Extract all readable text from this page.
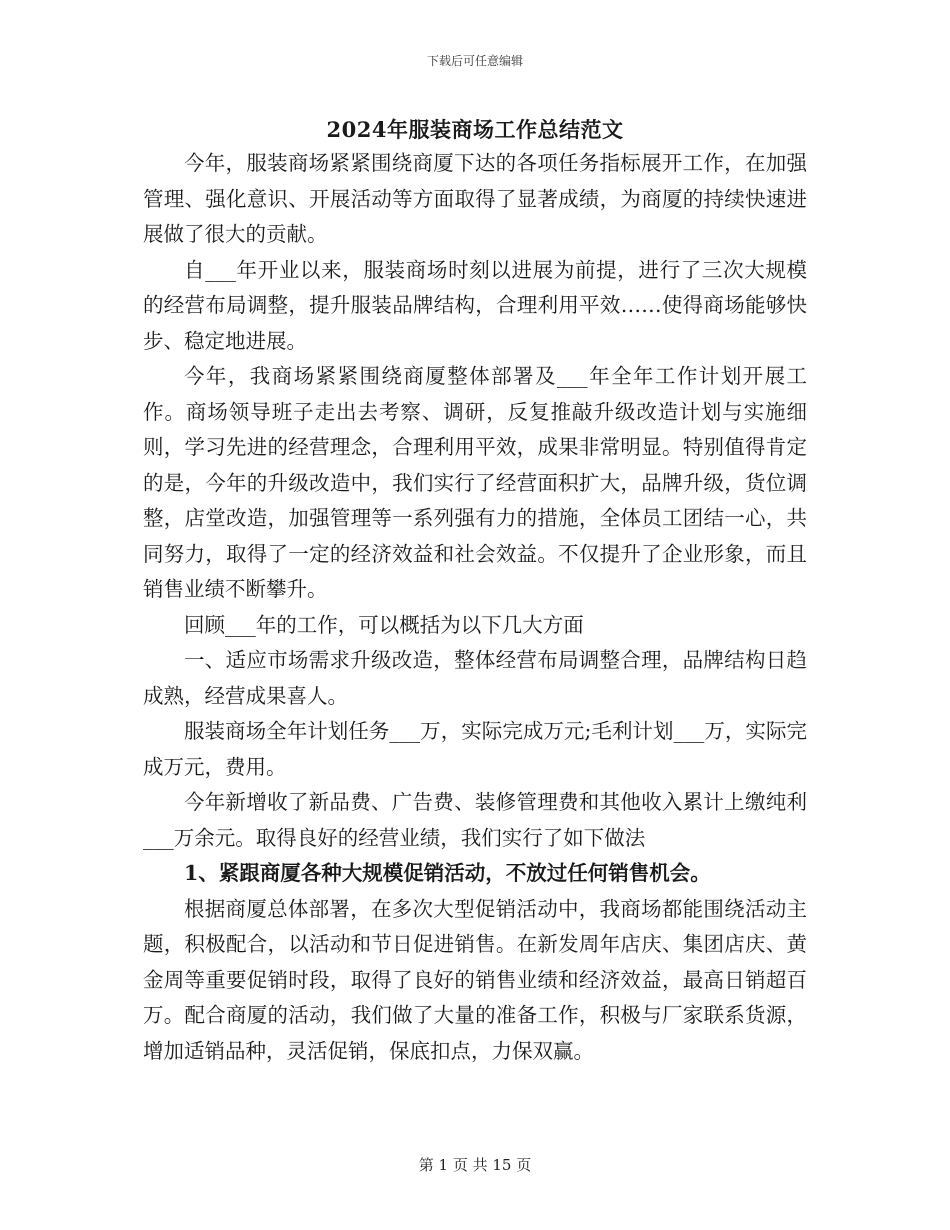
下载后可任意编辑
2024年服装商场工作总结范文

今年，服装商场紧紧围绕商厦下达的各项任务指标展开工作，在加强管理、强化意识、开展活动等方面取得了显著成绩，为商厦的持续快速进展做了很大的贡献。

自___年开业以来，服装商场时刻以进展为前提，进行了三次大规模的经营布局调整，提升服装品牌结构，合理利用平效……使得商场能够快步、稳定地进展。

今年，我商场紧紧围绕商厦整体部署及___年全年工作计划开展工作。商场领导班子走出去考察、调研，反复推敲升级改造计划与实施细则，学习先进的经营理念，合理利用平效，成果非常明显。特别值得肯定的是，今年的升级改造中，我们实行了经营面积扩大，品牌升级，货位调整，店堂改造，加强管理等一系列强有力的措施，全体员工团结一心，共同努力，取得了一定的经济效益和社会效益。不仅提升了企业形象，而且销售业绩不断攀升。

回顾___年的工作，可以概括为以下几大方面

一、适应市场需求升级改造，整体经营布局调整合理，品牌结构日趋成熟，经营成果喜人。

服装商场全年计划任务___万，实际完成万元;毛利计划___万，实际完成万元，费用。

今年新增收了新品费、广告费、装修管理费和其他收入累计上缴纯利___万余元。取得良好的经营业绩，我们实行了如下做法

1、紧跟商厦各种大规模促销活动，不放过任何销售机会。

根据商厦总体部署，在多次大型促销活动中，我商场都能围绕活动主题，积极配合，以活动和节日促进销售。在新发周年店庆、集团店庆、黄金周等重要促销时段，取得了良好的销售业绩和经济效益，最高日销超百万。配合商厦的活动，我们做了大量的准备工作，积极与厂家联系货源，增加适销品种，灵活促销，保底扣点，力保双赢。

第 1 页 共 15 页
